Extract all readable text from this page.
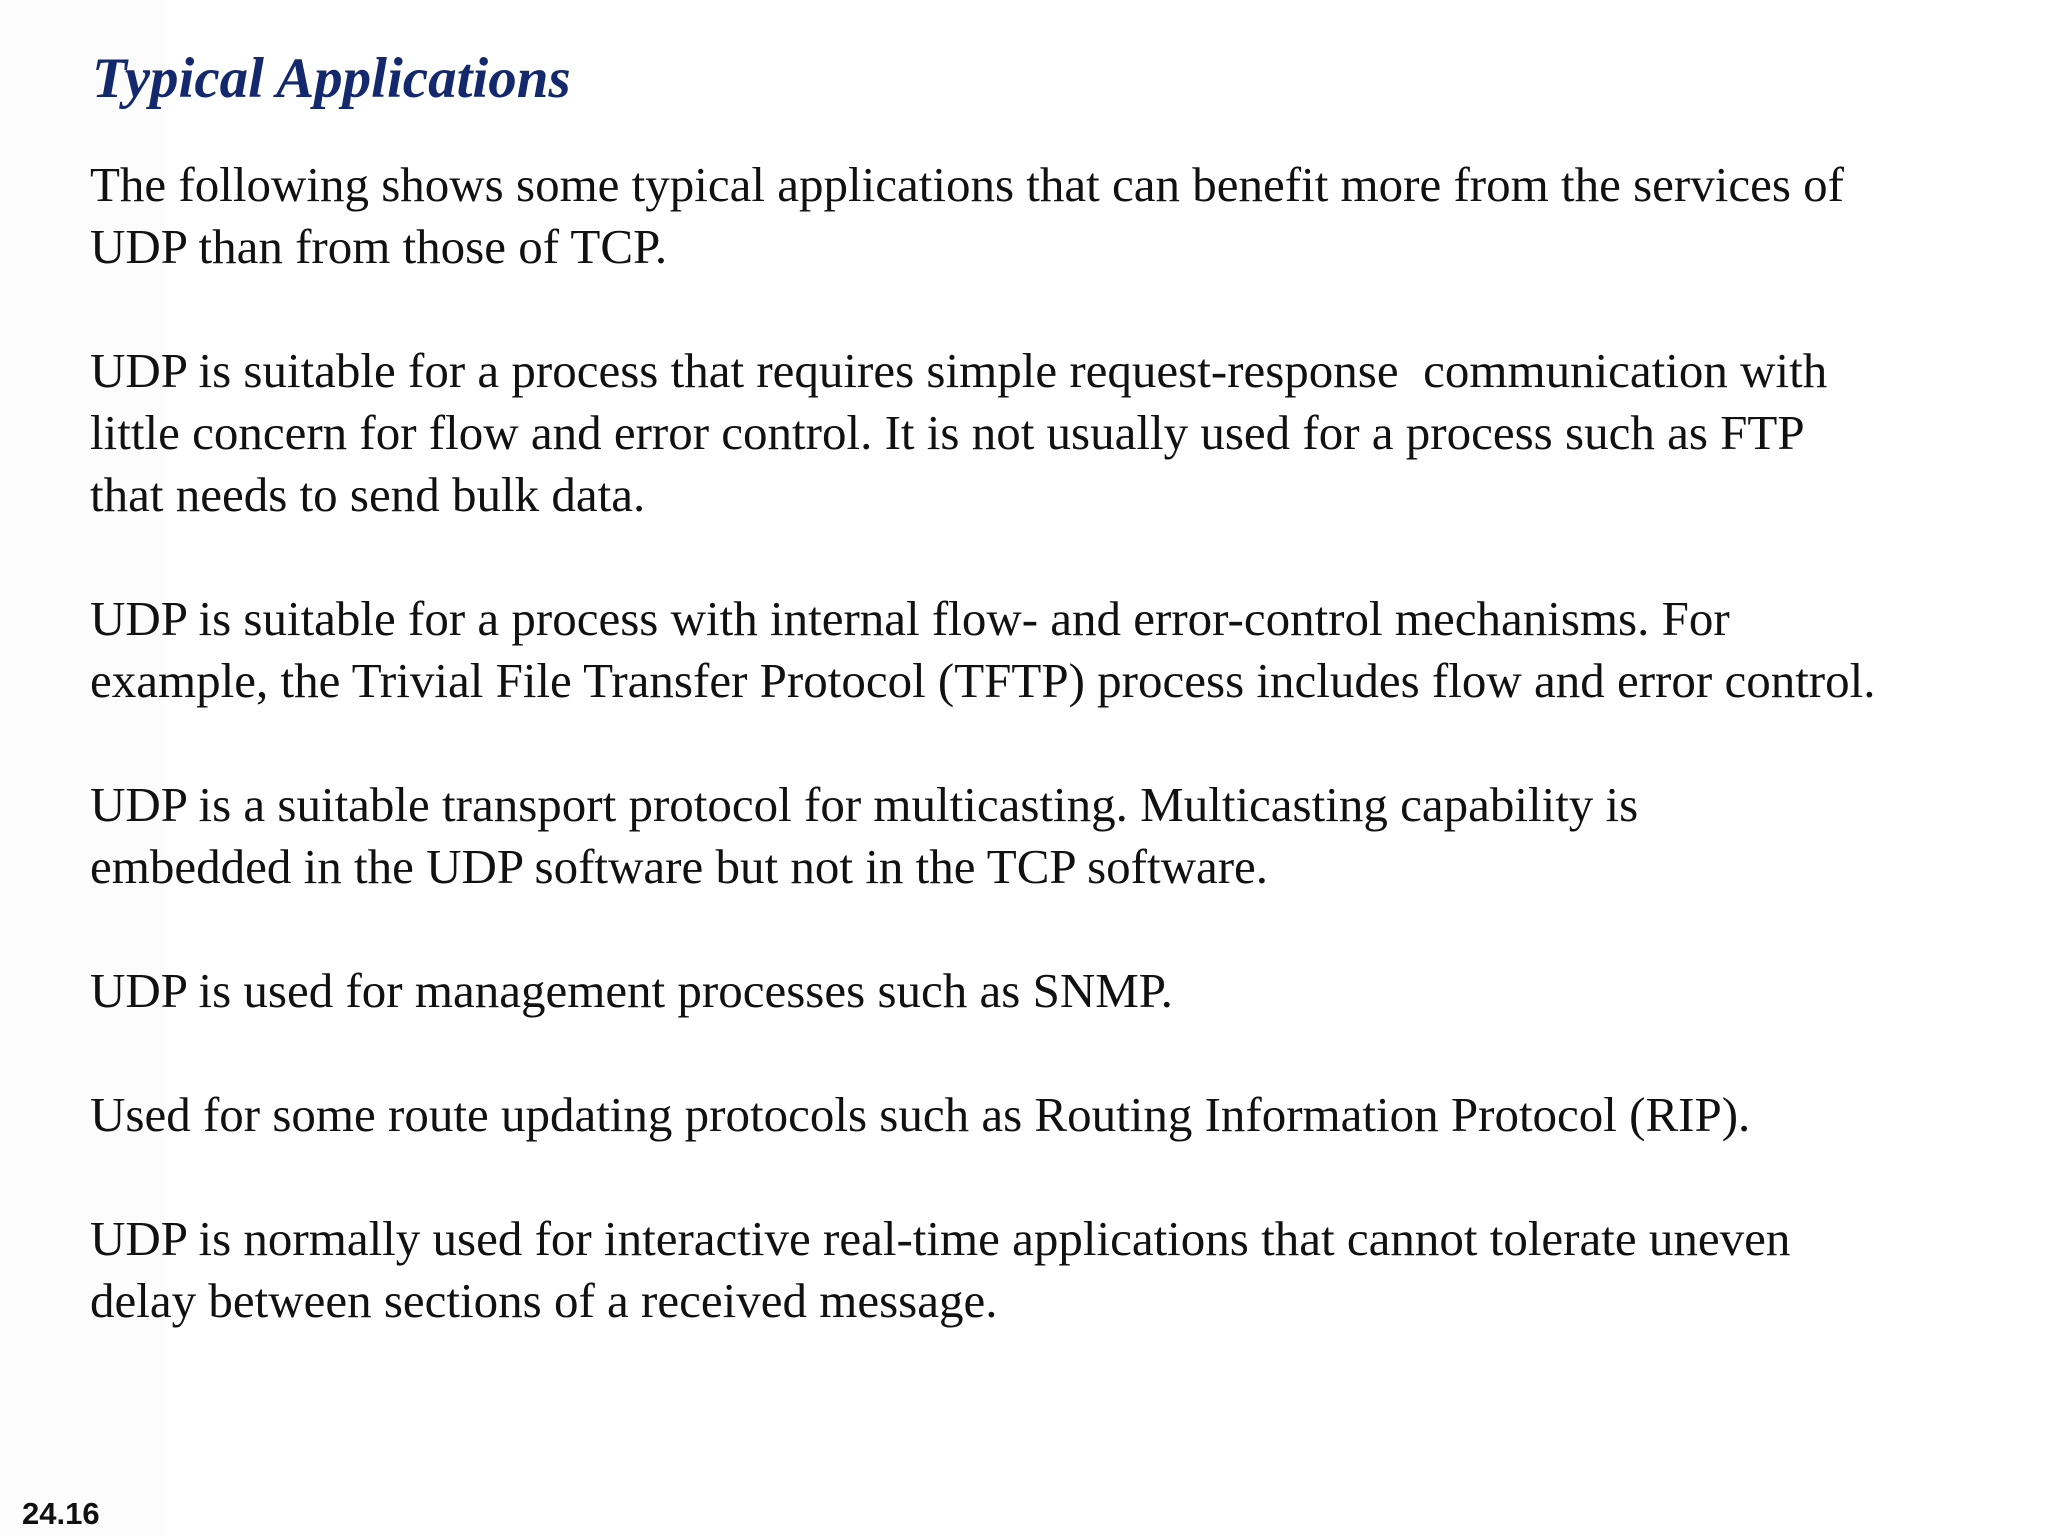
Typical Applications

The following shows some typical applications that can benefit more from the services of
UDP than from those of TCP.

UDP is suitable for a process that requires simple request-response  communication with
little concern for flow and error control. It is not usually used for a process such as FTP
that needs to send bulk data.

UDP is suitable for a process with internal flow- and error-control mechanisms. For
example, the Trivial File Transfer Protocol (TFTP) process includes flow and error control.

UDP is a suitable transport protocol for multicasting. Multicasting capability is
embedded in the UDP software but not in the TCP software.

UDP is used for management processes such as SNMP.

Used for some route updating protocols such as Routing Information Protocol (RIP).

UDP is normally used for interactive real-time applications that cannot tolerate uneven
delay between sections of a received message.

24.16
